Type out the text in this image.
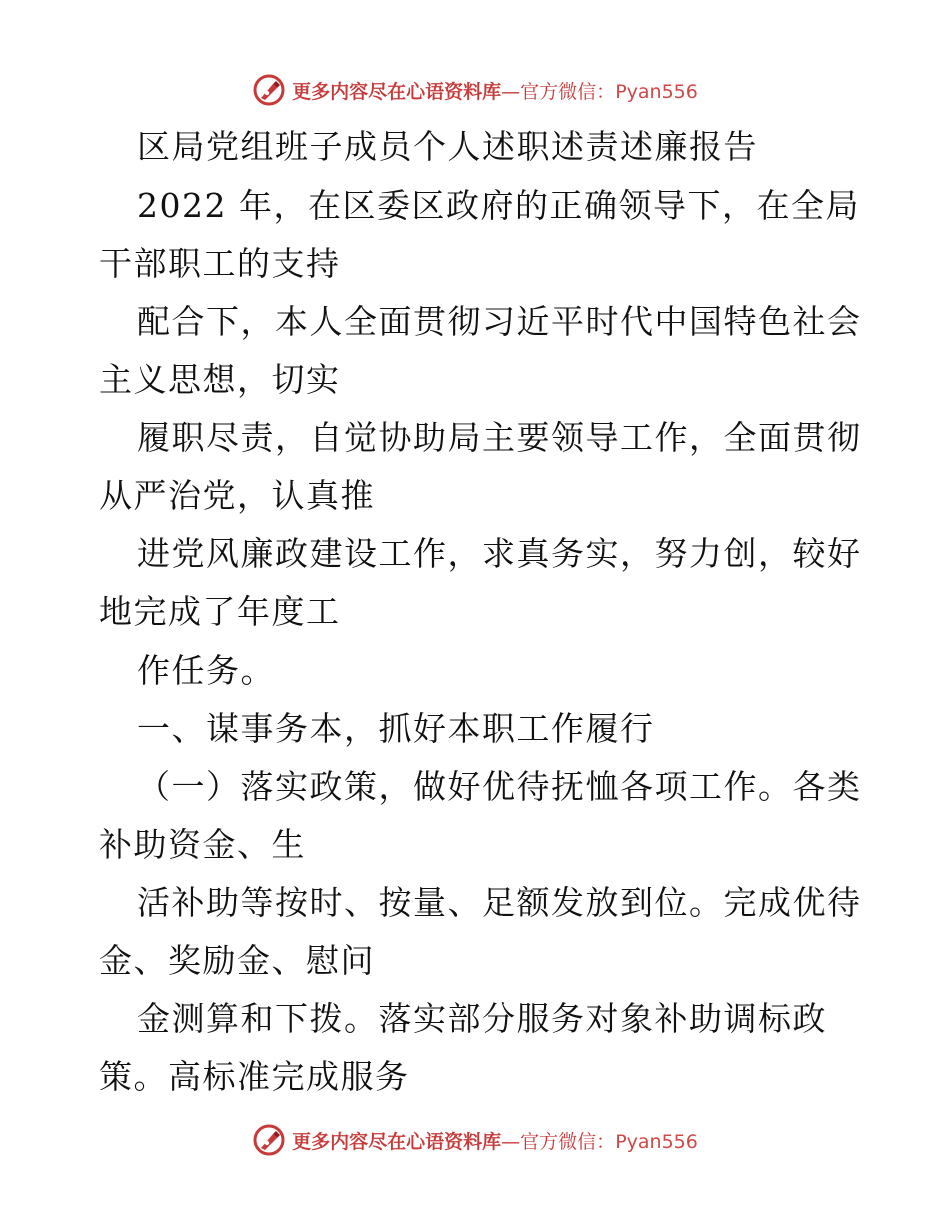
更多内容尽在心语资料库—官方微信：Pyan556
区局党组班子成员个人述职述责述廉报告
2022 年，在区委区政府的正确领导下，在全局
干部职工的支持
配合下，本人全面贯彻习近平时代中国特色社会
主义思想，切实
履职尽责，自觉协助局主要领导工作，全面贯彻
从严治党，认真推
进党风廉政建设工作，求真务实，努力创，较好
地完成了年度工
作任务。
一、谋事务本，抓好本职工作履行
（一）落实政策，做好优待抚恤各项工作。各类
补助资金、生
活补助等按时、按量、足额发放到位。完成优待
金、奖励金、慰问
金测算和下拨。落实部分服务对象补助调标政
策。高标准完成服务
更多内容尽在心语资料库—官方微信：Pyan556
